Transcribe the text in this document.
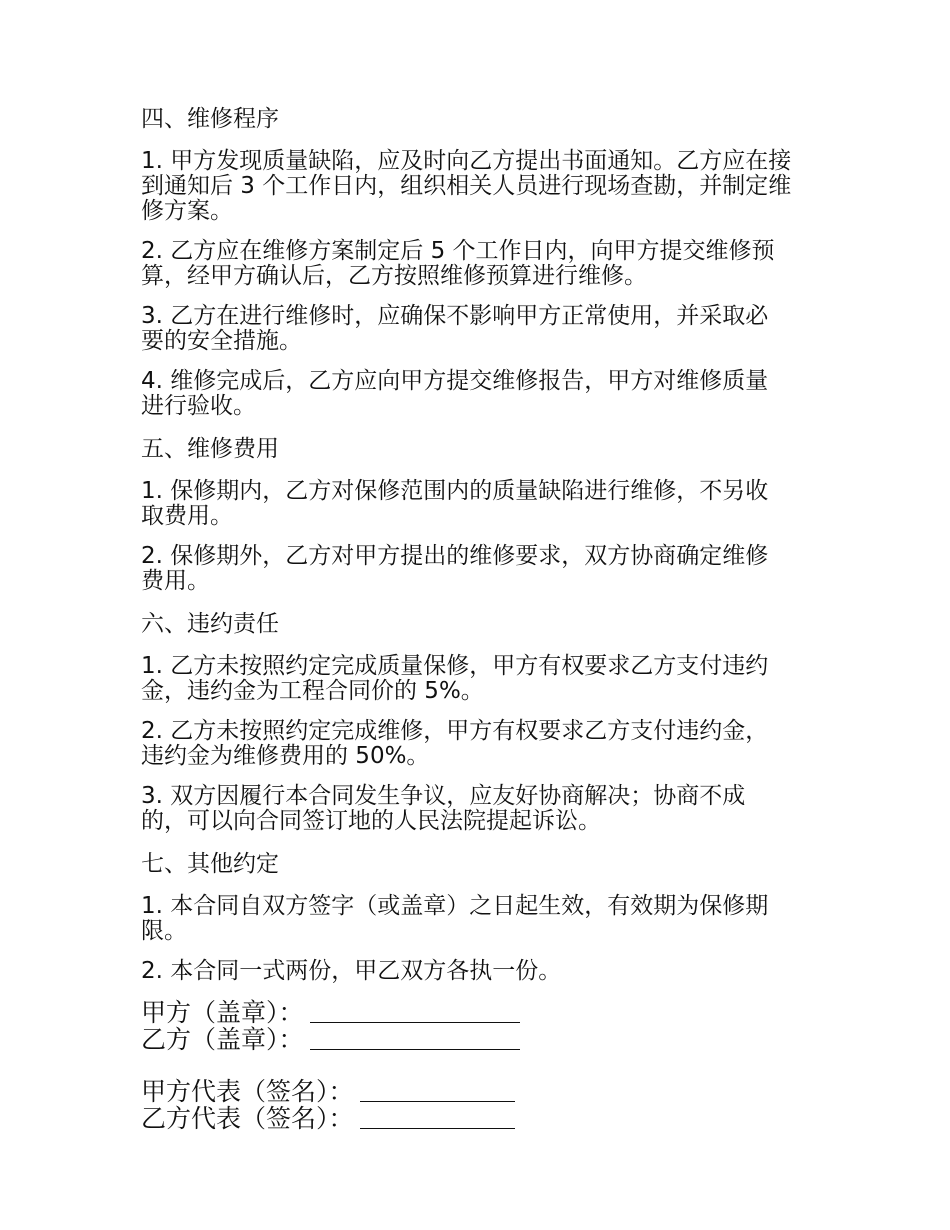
四、维修程序
1. 甲方发现质量缺陷，应及时向乙方提出书面通知。乙方应在接到通知后 3 个工作日内，组织相关人员进行现场查勘，并制定维修方案。
2. 乙方应在维修方案制定后 5 个工作日内，向甲方提交维修预算，经甲方确认后，乙方按照维修预算进行维修。
3. 乙方在进行维修时，应确保不影响甲方正常使用，并采取必要的安全措施。
4. 维修完成后，乙方应向甲方提交维修报告，甲方对维修质量进行验收。
五、维修费用
1. 保修期内，乙方对保修范围内的质量缺陷进行维修，不另收取费用。
2. 保修期外，乙方对甲方提出的维修要求，双方协商确定维修费用。
六、违约责任
1. 乙方未按照约定完成质量保修，甲方有权要求乙方支付违约金，违约金为工程合同价的 5%。
2. 乙方未按照约定完成维修，甲方有权要求乙方支付违约金，违约金为维修费用的 50%。
3. 双方因履行本合同发生争议，应友好协商解决；协商不成的，可以向合同签订地的人民法院提起诉讼。
七、其他约定
1. 本合同自双方签字（或盖章）之日起生效，有效期为保修期限。
2. 本合同一式两份，甲乙双方各执一份。
甲方（盖章）：
乙方（盖章）：
甲方代表（签名）：
乙方代表（签名）：
